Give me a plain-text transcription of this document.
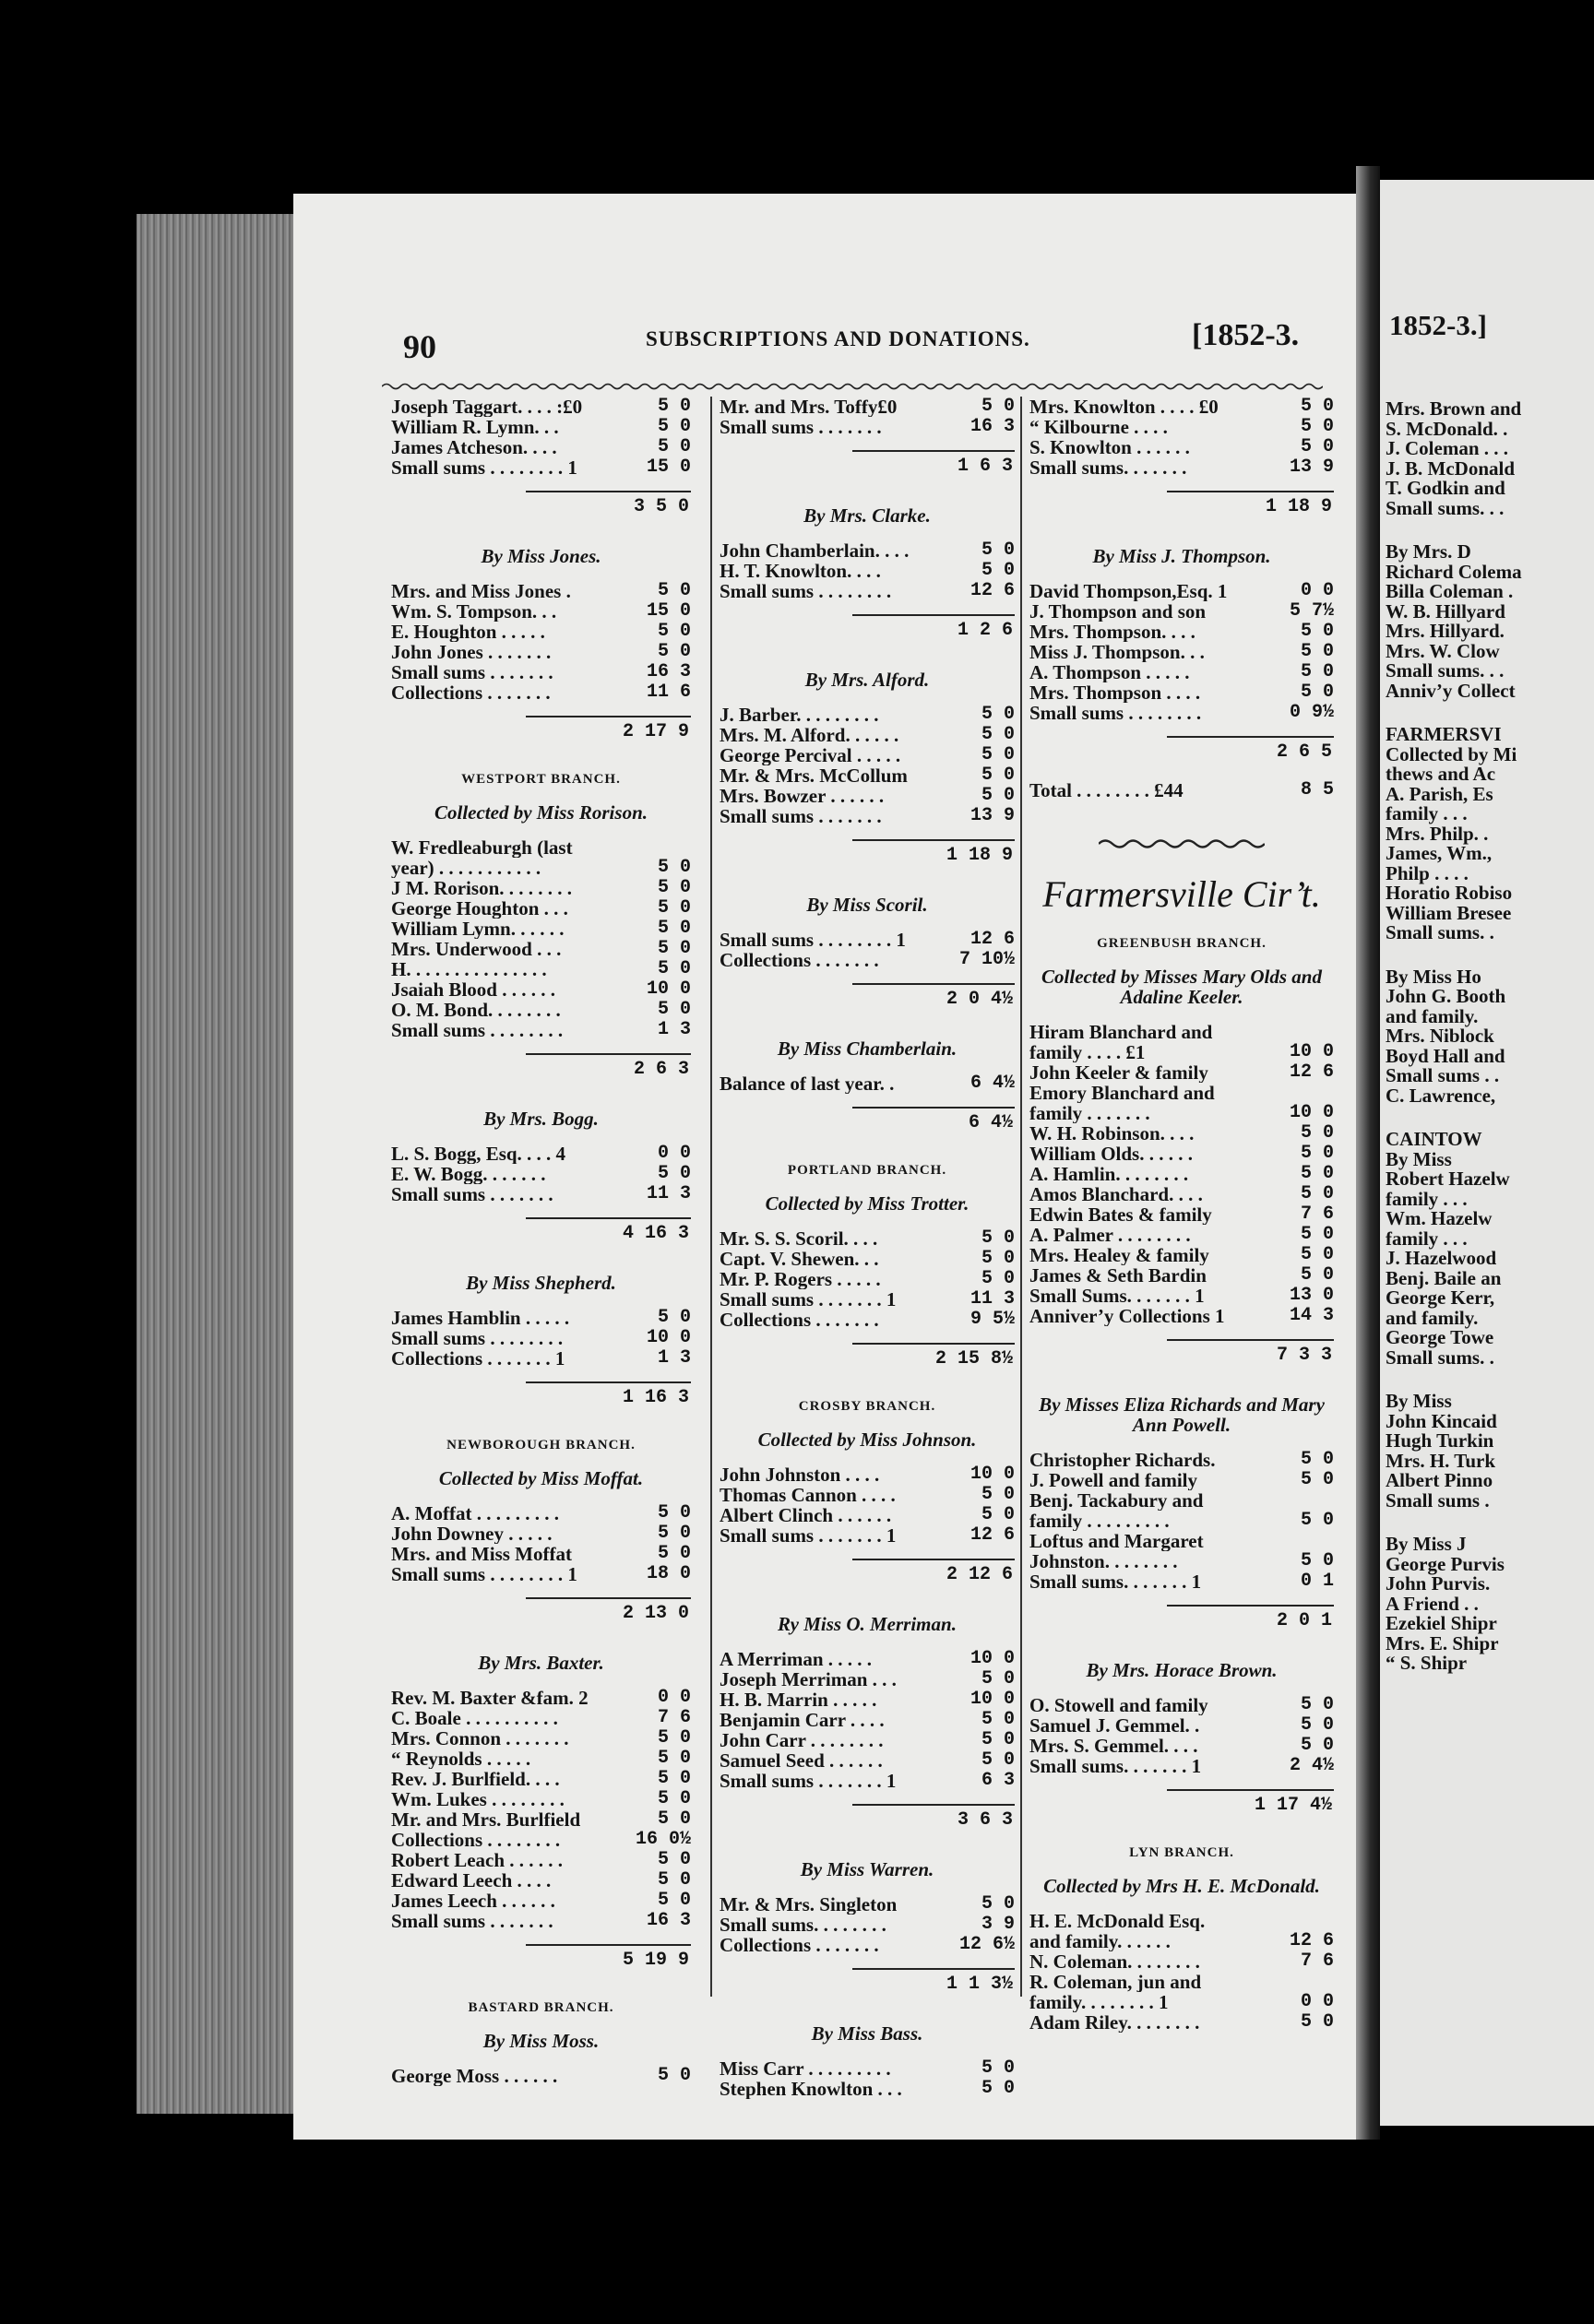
1852-3.]
Mrs. Brown and
S. McDonald. .
J. Coleman . . .
J. B. McDonald
T. Godkin and
Small sums. . .
By Mrs. D
Richard Colema
Billa Coleman .
W. B. Hillyard
Mrs. Hillyard.
Mrs. W. Clow
Small sums. . .
Anniv’y Collect
FARMERSVI
Collected by Mi
thews and Ac
A. Parish, Es
family . . .
Mrs. Philp. .
James, Wm.,
Philp . . . .
Horatio Robiso
William Bresee
Small sums. .
By Miss Ho
John G. Booth
and family.
Mrs. Niblock
Boyd Hall and
Small sums . .
C. Lawrence,
CAINTOW
By Miss
Robert Hazelw
family . . .
Wm. Hazelw
family . . .
J. Hazelwood
Benj. Baile an
George Kerr,
and family.
George Towe
Small sums. .
By Miss
John Kincaid
Hugh Turkin
Mrs. H. Turk
Albert Pinno
Small sums .
By Miss J
George Purvis
John Purvis.
A Friend . .
Ezekiel Shipr
Mrs. E. Shipr
“ S. Shipr
90	SUBSCRIPTIONS AND DONATIONS.	[1852-3.
Joseph Taggart. . . . :£0	5 0
William R. Lymn. . .	5 0
James Atcheson. . . .	5 0
Small sums . . . . . . . . 1	15 0
3 5 0
By Miss Jones.
Mrs. and Miss Jones .	5 0
Wm. S. Tompson. . .	15 0
E. Houghton . . . . .	5 0
John Jones . . . . . . .	5 0
Small sums . . . . . . .	16 3
Collections . . . . . . .	11 6
2 17 9
WESTPORT BRANCH.
Collected by Miss Rorison.
W. Fredleaburgh (last
year) . . . . . . . . . . .	5 0
J M. Rorison. . . . . . . .	5 0
George Houghton . . .	5 0
William Lymn. . . . . .	5 0
Mrs. Underwood . . .	5 0
H. . . . . . . . . . . . . . .	5 0
Jsaiah Blood . . . . . .	10 0
O. M. Bond. . . . . . . .	5 0
Small sums . . . . . . . .	1 3
2 6 3
By Mrs. Bogg.
L. S. Bogg, Esq. . . . 4	0 0
E. W. Bogg. . . . . . .	5 0
Small sums . . . . . . .	11 3
4 16 3
By Miss Shepherd.
James Hamblin . . . . .	5 0
Small sums . . . . . . . .	10 0
Collections . . . . . . . 1	1 3
1 16 3
NEWBOROUGH BRANCH.
Collected by Miss Moffat.
A. Moffat . . . . . . . . .	5 0
John Downey . . . . .	5 0
Mrs. and Miss Moffat	5 0
Small sums . . . . . . . . 1	18 0
2 13 0
By Mrs. Baxter.
Rev. M. Baxter &fam. 2	0 0
C. Boale . . . . . . . . . .	7 6
Mrs. Connon . . . . . . .	5 0
“ Reynolds . . . . .	5 0
Rev. J. Burlfield. . . .	5 0
Wm. Lukes . . . . . . . .	5 0
Mr. and Mrs. Burlfield	5 0
Collections . . . . . . . .	16 0½
Robert Leach . . . . . .	5 0
Edward Leech . . . .	5 0
James Leech . . . . . .	5 0
Small sums . . . . . . .	16 3
5 19 9
BASTARD BRANCH.
By Miss Moss.
George Moss . . . . . .	5 0
Mr. and Mrs. Toffy£0	5 0
Small sums . . . . . . .	16 3
1 6 3
By Mrs. Clarke.
John Chamberlain. . . .	5 0
H. T. Knowlton. . . .	5 0
Small sums . . . . . . . .	12 6
1 2 6
By Mrs. Alford.
J. Barber. . . . . . . . .	5 0
Mrs. M. Alford. . . . . .	5 0
George Percival . . . . .	5 0
Mr. & Mrs. McCollum	5 0
Mrs. Bowzer . . . . . .	5 0
Small sums . . . . . . .	13 9
1 18 9
By Miss Scoril.
Small sums . . . . . . . . 1	12 6
Collections . . . . . . .	7 10½
2 0 4½
By Miss Chamberlain.
Balance of last year. .	6 4½
6 4½
PORTLAND BRANCH.
Collected by Miss Trotter.
Mr. S. S. Scoril. . . .	5 0
Capt. V. Shewen. . .	5 0
Mr. P. Rogers . . . . .	5 0
Small sums . . . . . . . 1	11 3
Collections . . . . . . .	9 5½
2 15 8½
CROSBY BRANCH.
Collected by Miss Johnson.
John Johnston . . . .	10 0
Thomas Cannon . . . .	5 0
Albert Clinch . . . . . .	5 0
Small sums . . . . . . . 1	12 6
2 12 6
Ry Miss O. Merriman.
A Merriman . . . . .	10 0
Joseph Merriman . . .	5 0
H. B. Marrin . . . . .	10 0
Benjamin Carr . . . .	5 0
John Carr . . . . . . . .	5 0
Samuel Seed . . . . . .	5 0
Small sums . . . . . . . 1	6 3
3 6 3
By Miss Warren.
Mr. & Mrs. Singleton	5 0
Small sums. . . . . . . .	3 9
Collections . . . . . . .	12 6½
1 1 3½
By Miss Bass.
Miss Carr . . . . . . . . .	5 0
Stephen Knowlton . . .	5 0
Mrs. Knowlton . . . . £0	5 0
“ Kilbourne . . . .	5 0
S. Knowlton . . . . . .	5 0
Small sums. . . . . . .	13 9
1 18 9
By Miss J. Thompson.
David Thompson,Esq. 1	0 0
J. Thompson and son	5 7½
Mrs. Thompson. . . .	5 0
Miss J. Thompson. . .	5 0
A. Thompson . . . . .	5 0
Mrs. Thompson . . . .	5 0
Small sums . . . . . . . .	0 9½
2 6 5
Total . . . . . . . . £44	8 5
Farmersville Cir’t.
GREENBUSH BRANCH.
Collected by Misses Mary Olds and Adaline Keeler.
Hiram Blanchard and
family . . . . £1	10 0
John Keeler & family	12 6
Emory Blanchard and
family . . . . . . .	10 0
W. H. Robinson. . . .	5 0
William Olds. . . . . .	5 0
A. Hamlin. . . . . . . .	5 0
Amos Blanchard. . . .	5 0
Edwin Bates & family	7 6
A. Palmer . . . . . . . .	5 0
Mrs. Healey & family	5 0
James & Seth Bardin	5 0
Small Sums. . . . . . . 1	13 0
Anniver’y Collections 1	14 3
7 3 3
By Misses Eliza Richards and Mary Ann Powell.
Christopher Richards.	5 0
J. Powell and family	5 0
Benj. Tackabury and
family . . . . . . . . .	5 0
Loftus and Margaret
Johnston. . . . . . . .	5 0
Small sums. . . . . . . 1	0 1
2 0 1
By Mrs. Horace Brown.
O. Stowell and family	5 0
Samuel J. Gemmel. .	5 0
Mrs. S. Gemmel. . . .	5 0
Small sums. . . . . . . 1	2 4½
1 17 4½
LYN BRANCH.
Collected by Mrs H. E. McDonald.
H. E. McDonald Esq.
and family. . . . . .	12 6
N. Coleman. . . . . . . .	7 6
R. Coleman, jun and
family. . . . . . . . 1	0 0
Adam Riley. . . . . . . .	5 0
